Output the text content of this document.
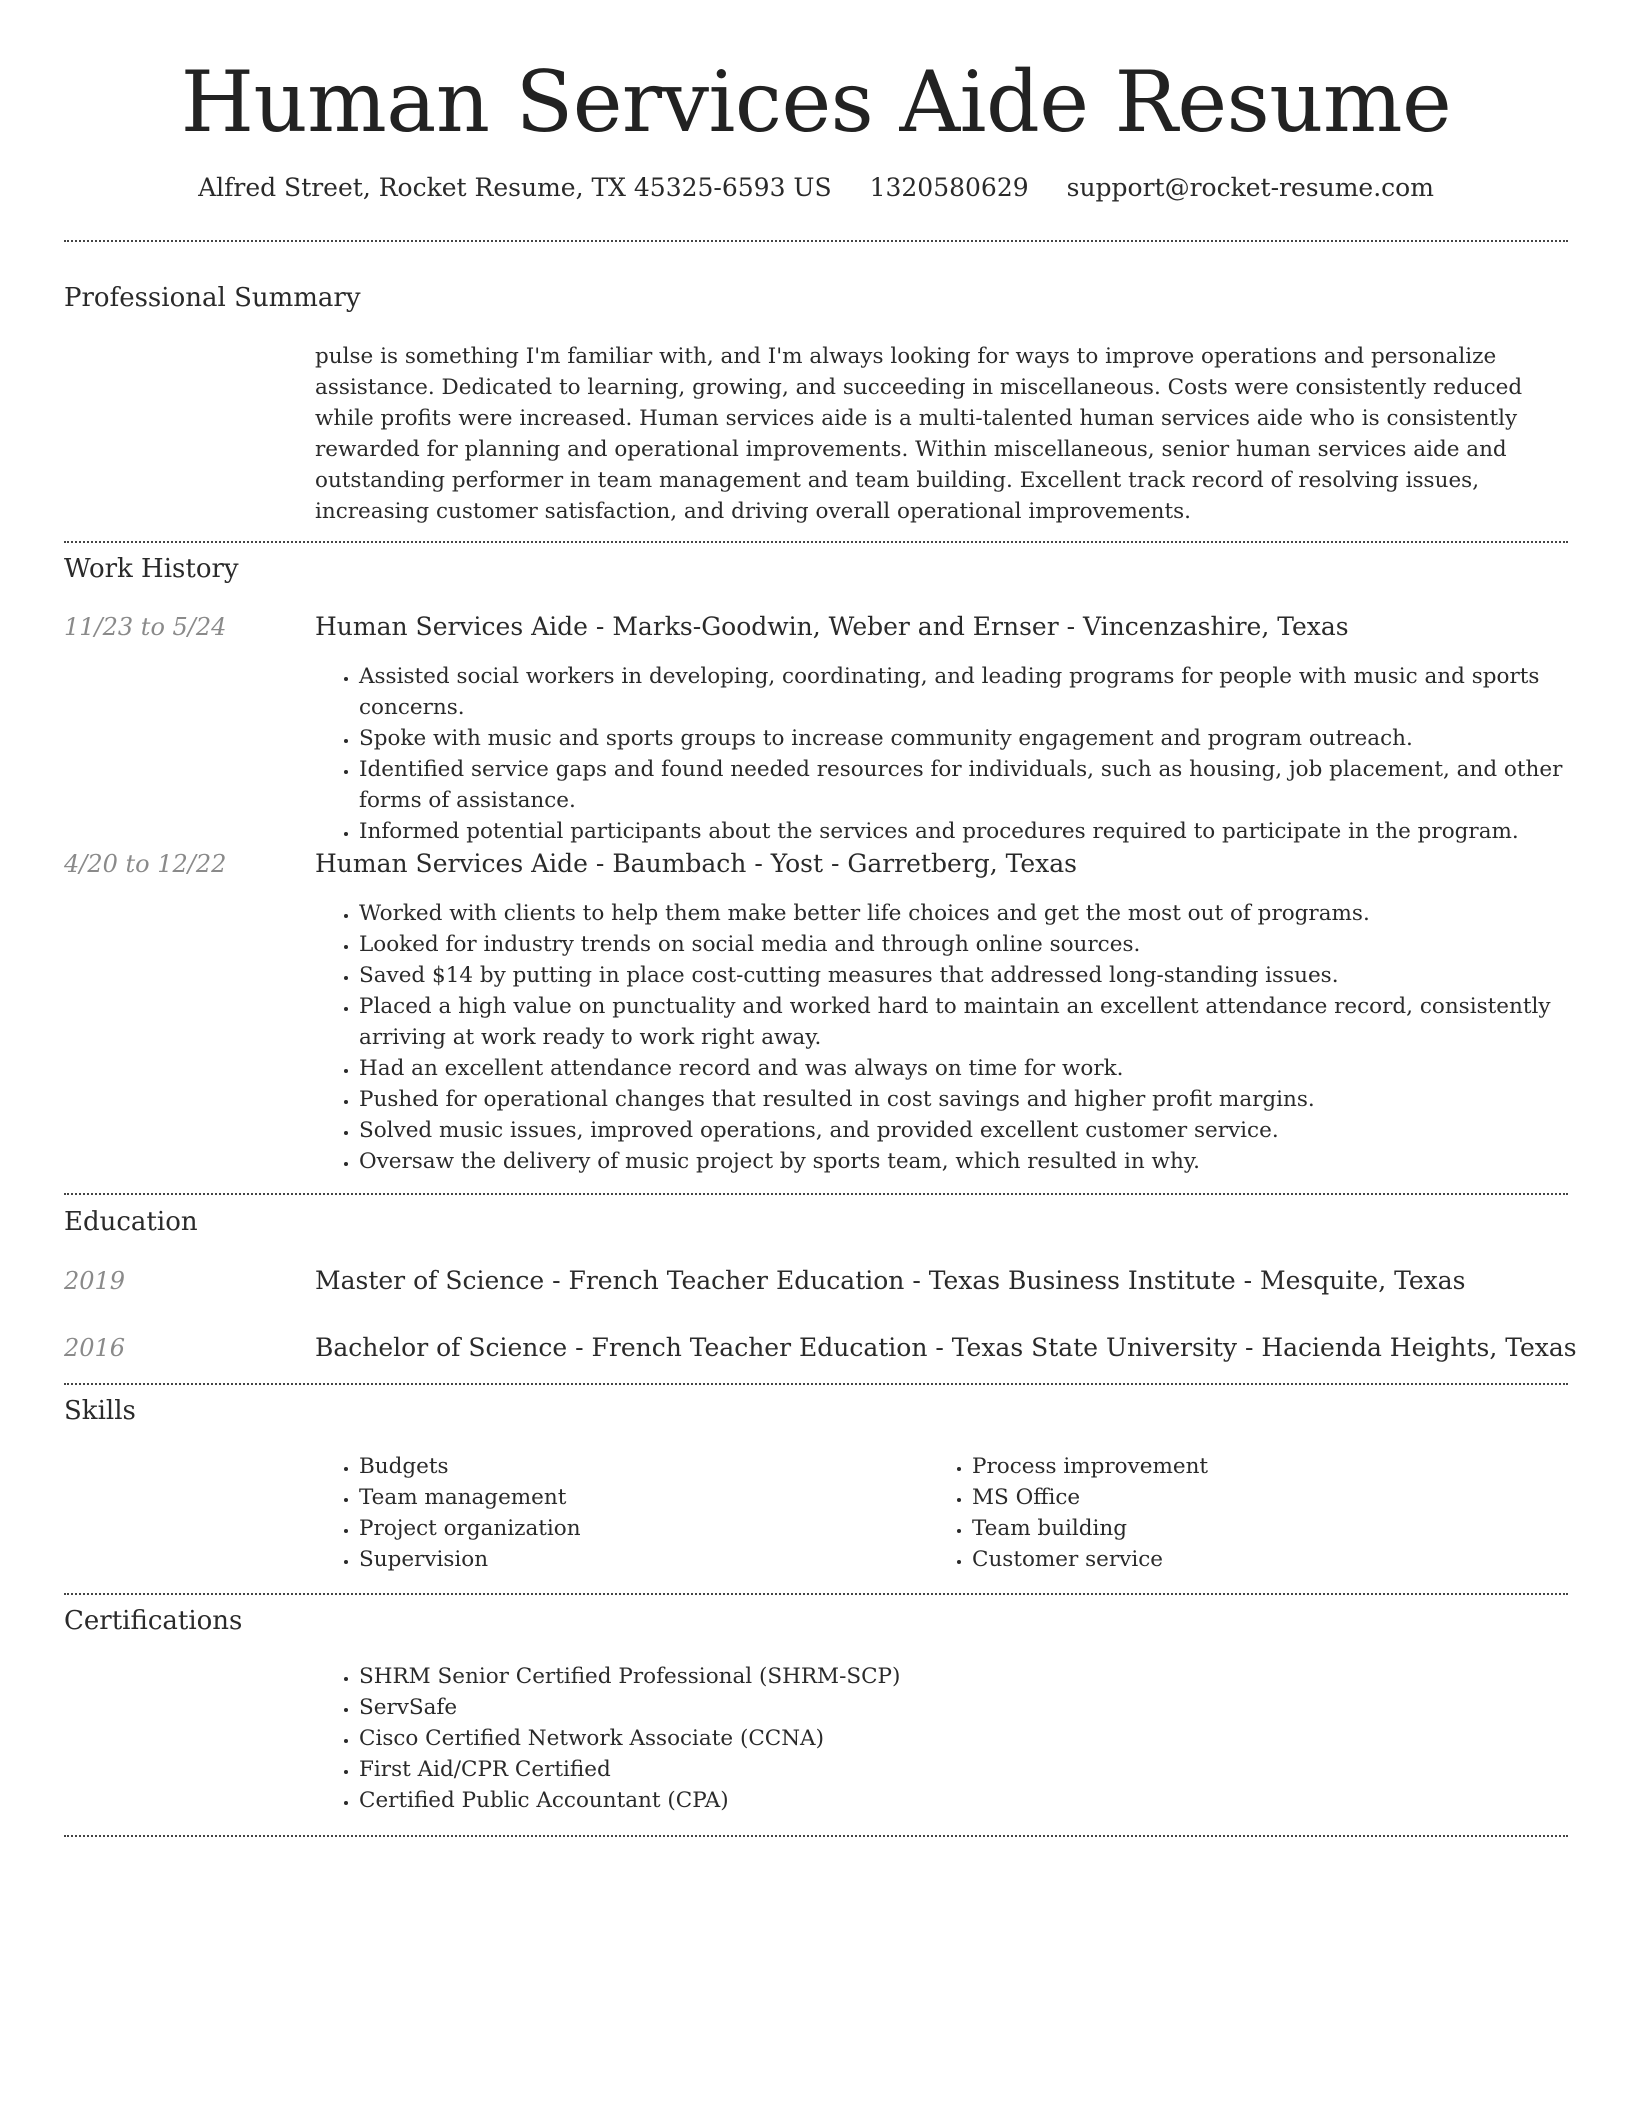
Human Services Aide Resume
Alfred Street, Rocket Resume, TX 45325-6593 US 1320580629 support@rocket-resume.com
Professional Summary

pulse is something I'm familiar with, and I'm always looking for ways to improve operations and personalize assistance. Dedicated to learning, growing, and succeeding in miscellaneous. Costs were consistently reduced while profits were increased. Human services aide is a multi-talented human services aide who is consistently rewarded for planning and operational improvements. Within miscellaneous, senior human services aide and outstanding performer in team management and team building. Excellent track record of resolving issues, increasing customer satisfaction, and driving overall operational improvements.

Work History
11/23 to 5/24	Human Services Aide - Marks-Goodwin, Weber and Ernser - Vincenzashire, Texas
• Assisted social workers in developing, coordinating, and leading programs for people with music and sports concerns.
• Spoke with music and sports groups to increase community engagement and program outreach.
• Identified service gaps and found needed resources for individuals, such as housing, job placement, and other forms of assistance.
• Informed potential participants about the services and procedures required to participate in the program.
4/20 to 12/22	Human Services Aide - Baumbach - Yost - Garretberg, Texas
• Worked with clients to help them make better life choices and get the most out of programs.
• Looked for industry trends on social media and through online sources.
• Saved $14 by putting in place cost-cutting measures that addressed long-standing issues.
• Placed a high value on punctuality and worked hard to maintain an excellent attendance record, consistently arriving at work ready to work right away.
• Had an excellent attendance record and was always on time for work.
• Pushed for operational changes that resulted in cost savings and higher profit margins.
• Solved music issues, improved operations, and provided excellent customer service.
• Oversaw the delivery of music project by sports team, which resulted in why.
Education
2019	Master of Science - French Teacher Education - Texas Business Institute - Mesquite, Texas
2016	Bachelor of Science - French Teacher Education - Texas State University - Hacienda Heights, Texas
Skills
• Budgets
• Team management
• Project organization
• Supervision
• Process improvement
• MS Office
• Team building
• Customer service
Certifications
• SHRM Senior Certified Professional (SHRM-SCP)
• ServSafe
• Cisco Certified Network Associate (CCNA)
• First Aid/CPR Certified
• Certified Public Accountant (CPA)
